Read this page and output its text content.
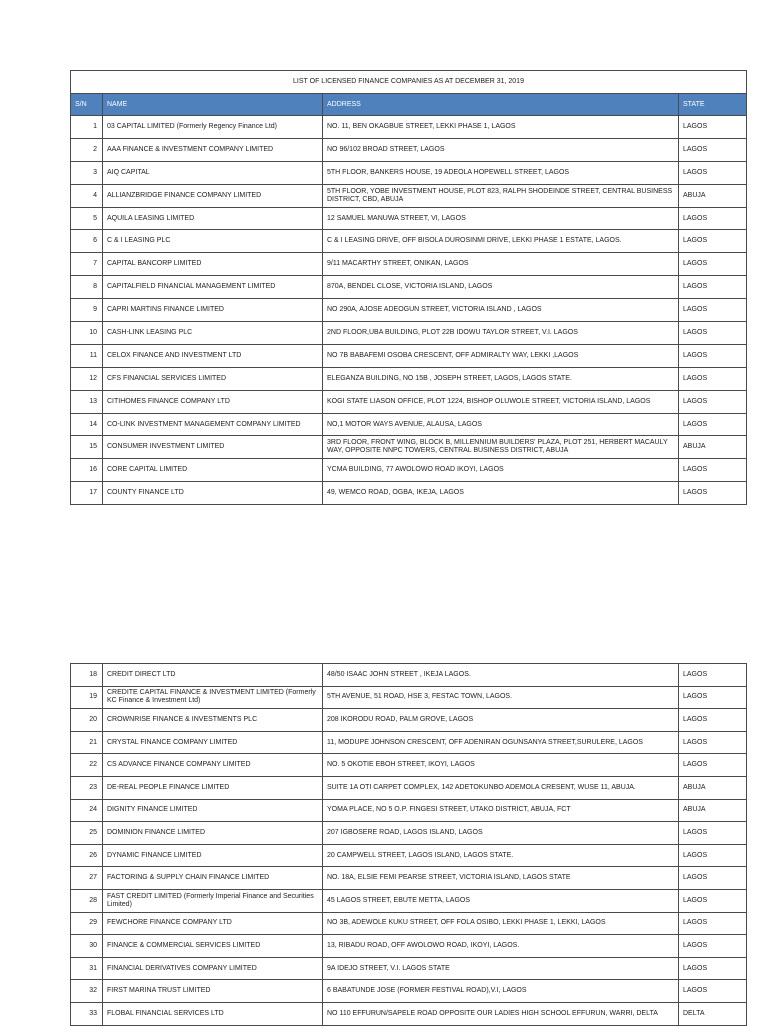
LIST OF LICENSED FINANCE COMPANIES AS AT DECEMBER 31, 2019			
S/N	NAME	ADDRESS	STATE
1	03 CAPITAL LIMITED (Formerly Regency Finance Ltd)	NO. 11, BEN OKAGBUE STREET, LEKKI PHASE 1, LAGOS	LAGOS
2	AAA FINANCE & INVESTMENT COMPANY LIMITED	NO 96/102 BROAD STREET, LAGOS	LAGOS
3	AIQ CAPITAL	5TH FLOOR, BANKERS HOUSE, 19 ADEOLA HOPEWELL STREET, LAGOS	LAGOS
4	ALLIANZBRIDGE FINANCE COMPANY LIMITED	5TH FLOOR, YOBE INVESTMENT HOUSE, PLOT 823, RALPH SHODEINDE STREET, CENTRAL BUSINESS DISTRICT, CBD, ABUJA	ABUJA
5	AQUILA LEASING LIMITED	12 SAMUEL MANUWA STREET, VI, LAGOS	LAGOS
6	C & I LEASING PLC	C & I LEASING DRIVE, OFF BISOLA DUROSINMI DRIVE, LEKKI PHASE 1 ESTATE, LAGOS.	LAGOS
7	CAPITAL BANCORP LIMITED	9/11 MACARTHY STREET, ONIKAN, LAGOS	LAGOS
8	CAPITALFIELD FINANCIAL MANAGEMENT LIMITED	870A, BENDEL CLOSE, VICTORIA ISLAND, LAGOS	LAGOS
9	CAPRI MARTINS FINANCE LIMITED	NO 290A, AJOSE ADEOGUN STREET, VICTORIA ISLAND , LAGOS	LAGOS
10	CASH-LINK LEASING PLC	2ND FLOOR,UBA BUILDING, PLOT 22B IDOWU TAYLOR STREET, V.I. LAGOS	LAGOS
11	CELOX FINANCE AND INVESTMENT LTD	NO 7B BABAFEMI OSOBA CRESCENT, OFF ADMIRALTY WAY, LEKKI ,LAGOS	LAGOS
12	CFS FINANCIAL SERVICES LIMITED	ELEGANZA BUILDING, NO 15B , JOSEPH STREET, LAGOS, LAGOS STATE.	LAGOS
13	CITIHOMES FINANCE COMPANY LTD	KOGI STATE LIASON OFFICE, PLOT 1224, BISHOP OLUWOLE STREET, VICTORIA ISLAND, LAGOS	LAGOS
14	CO-LINK INVESTMENT MANAGEMENT COMPANY LIMITED	NO,1 MOTOR WAYS AVENUE, ALAUSA, LAGOS	LAGOS
15	CONSUMER INVESTMENT LIMITED	3RD FLOOR, FRONT WING, BLOCK B, MILLENNIUM BUILDERS' PLAZA, PLOT 251, HERBERT MACAULY WAY, OPPOSITE NNPC TOWERS, CENTRAL BUSINESS DISTRICT, ABUJA	ABUJA
16	CORE CAPITAL LIMITED	YCMA BUILDING, 77 AWOLOWO ROAD IKOYI, LAGOS	LAGOS
17	COUNTY FINANCE LTD	49, WEMCO ROAD, OGBA, IKEJA, LAGOS	LAGOS
18	CREDIT DIRECT LTD	48/50 ISAAC JOHN STREET , IKEJA LAGOS.	LAGOS
19	CREDITE CAPITAL FINANCE & INVESTMENT LIMITED (Formerly KC Finance & Investment Ltd)	5TH AVENUE, 51 ROAD, HSE 3, FESTAC TOWN, LAGOS.	LAGOS
20	CROWNRISE FINANCE & INVESTMENTS PLC	208 IKORODU ROAD, PALM GROVE, LAGOS	LAGOS
21	CRYSTAL FINANCE COMPANY LIMITED	11, MODUPE JOHNSON CRESCENT, OFF ADENIRAN OGUNSANYA STREET,SURULERE, LAGOS	LAGOS
22	CS ADVANCE FINANCE COMPANY LIMITED	NO. 5 OKOTIE EBOH STREET, IKOYI, LAGOS	LAGOS
23	DE-REAL PEOPLE FINANCE LIMITED	SUITE 1A OTI CARPET COMPLEX, 142 ADETOKUNBO ADEMOLA CRESENT, WUSE 11, ABUJA.	ABUJA
24	DIGNITY FINANCE LIMITED	YOMA PLACE, NO 5 O.P. FINGESI STREET, UTAKO DISTRICT, ABUJA, FCT	ABUJA
25	DOMINION FINANCE LIMITED	207 IGBOSERE ROAD, LAGOS ISLAND, LAGOS	LAGOS
26	DYNAMIC FINANCE LIMITED	20 CAMPWELL STREET, LAGOS ISLAND, LAGOS STATE.	LAGOS
27	FACTORING & SUPPLY CHAIN FINANCE LIMITED	NO. 18A, ELSIE FEMI PEARSE STREET, VICTORIA ISLAND, LAGOS STATE	LAGOS
28	FAST CREDIT LIMITED (Formerly Imperial Finance and Securities Limited)	45 LAGOS STREET, EBUTE METTA, LAGOS	LAGOS
29	FEWCHORE FINANCE COMPANY LTD	NO 3B, ADEWOLE KUKU STREET, OFF FOLA OSIBO, LEKKI PHASE 1, LEKKI, LAGOS	LAGOS
30	FINANCE & COMMERCIAL SERVICES LIMITED	13, RIBADU ROAD, OFF AWOLOWO ROAD, IKOYI, LAGOS.	LAGOS
31	FINANCIAL DERIVATIVES COMPANY LIMITED	9A IDEJO STREET, V.I. LAGOS STATE	LAGOS
32	FIRST MARINA TRUST LIMITED	6 BABATUNDE JOSE (FORMER FESTIVAL ROAD),V.I, LAGOS	LAGOS
33	FLOBAL FINANCIAL SERVICES LTD	NO 110 EFFURUN/SAPELE ROAD OPPOSITE OUR LADIES HIGH SCHOOL EFFURUN, WARRI, DELTA	DELTA
